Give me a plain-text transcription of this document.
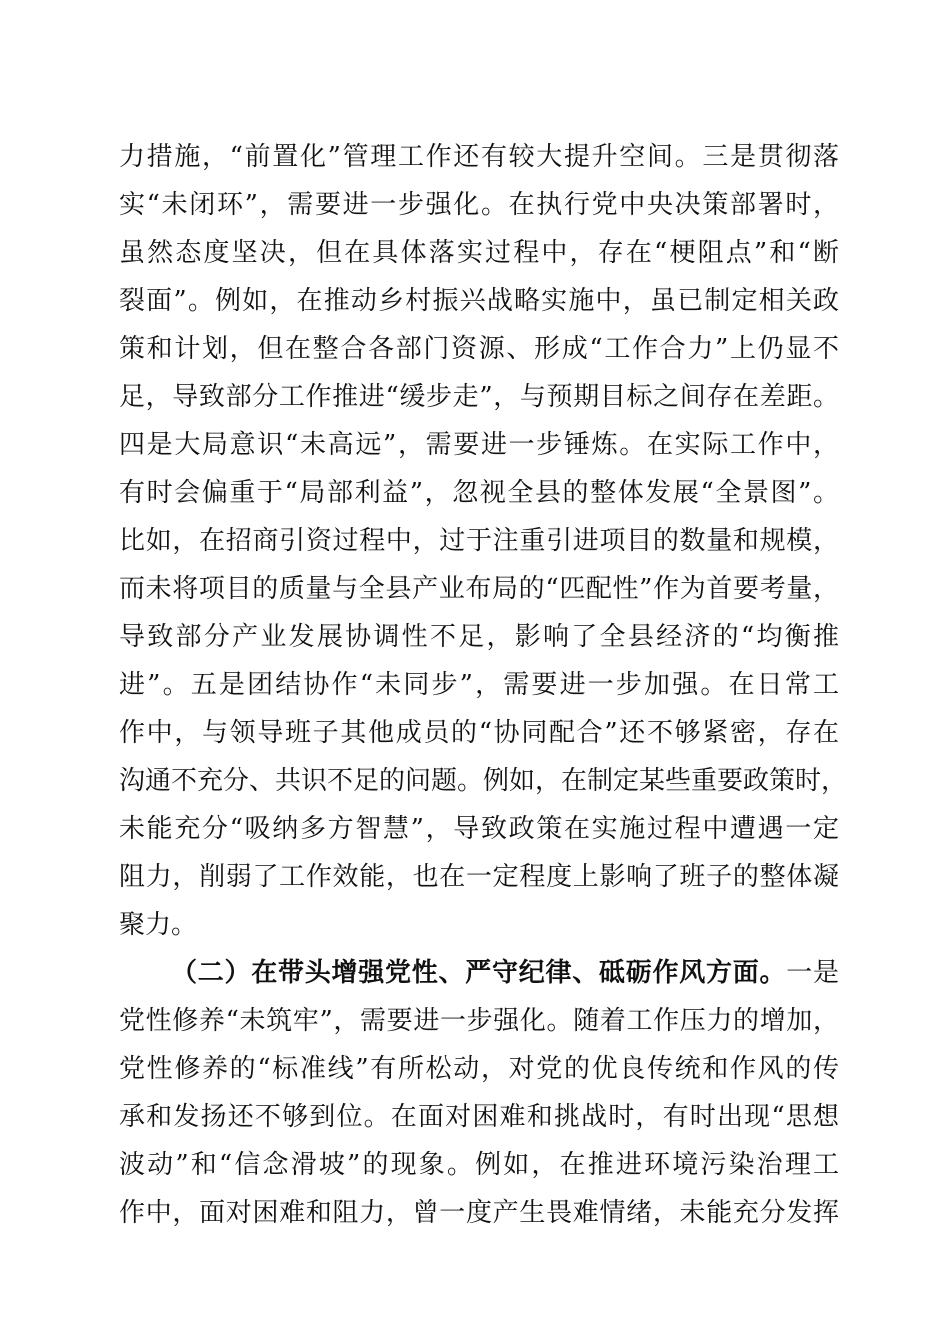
力措施，“前置化”管理工作还有较大提升空间。三是贯彻落
实“未闭环”，需要进一步强化。在执行党中央决策部署时，
虽然态度坚决，但在具体落实过程中，存在“梗阻点”和“断
裂面”。例如，在推动乡村振兴战略实施中，虽已制定相关政
策和计划，但在整合各部门资源、形成“工作合力”上仍显不
足，导致部分工作推进“缓步走”，与预期目标之间存在差距。
四是大局意识“未高远”，需要进一步锤炼。在实际工作中，
有时会偏重于“局部利益”，忽视全县的整体发展“全景图”。
比如，在招商引资过程中，过于注重引进项目的数量和规模，
而未将项目的质量与全县产业布局的“匹配性”作为首要考量，
导致部分产业发展协调性不足，影响了全县经济的“均衡推
进”。五是团结协作“未同步”，需要进一步加强。在日常工
作中，与领导班子其他成员的“协同配合”还不够紧密，存在
沟通不充分、共识不足的问题。例如，在制定某些重要政策时，
未能充分“吸纳多方智慧”，导致政策在实施过程中遭遇一定
阻力，削弱了工作效能，也在一定程度上影响了班子的整体凝
聚力。
（二）在带头增强党性、严守纪律、砥砺作风方面。一是
党性修养“未筑牢”，需要进一步强化。随着工作压力的增加，
党性修养的“标准线”有所松动，对党的优良传统和作风的传
承和发扬还不够到位。在面对困难和挑战时，有时出现“思想
波动”和“信念滑坡”的现象。例如，在推进环境污染治理工
作中，面对困难和阻力，曾一度产生畏难情绪，未能充分发挥
